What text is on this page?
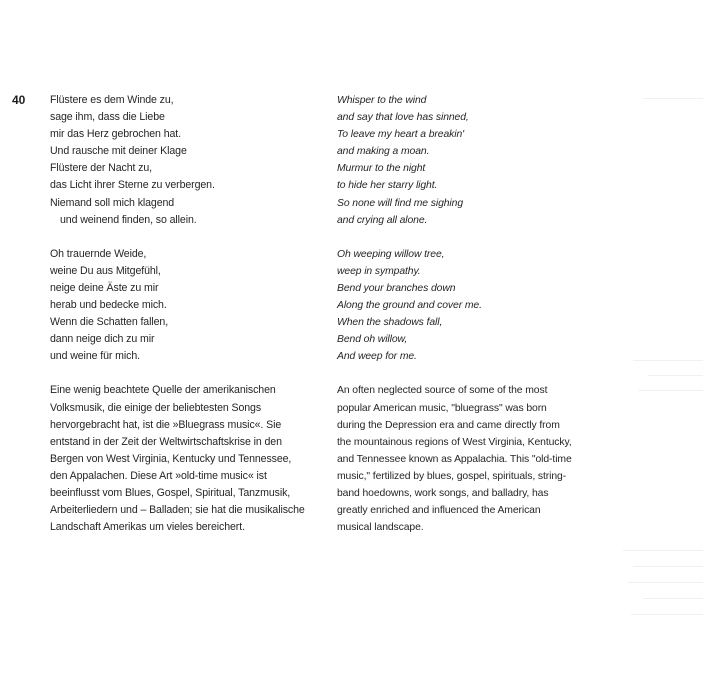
40 Flüstere es dem Winde zu,
sage ihm, dass die Liebe
mir das Herz gebrochen hat.
Und rausche mit deiner Klage
Flüstere der Nacht zu,
das Licht ihrer Sterne zu verbergen.
Niemand soll mich klagend
und weinend finden, so allein.
Oh trauernde Weide,
weine Du aus Mitgefühl,
neige deine Äste zu mir
herab und bedecke mich.
Wenn die Schatten fallen,
dann neige dich zu mir
und weine für mich.
Eine wenig beachtete Quelle der amerikanischen
Volksmusik, die einige der beliebtesten Songs
hervorgebracht hat, ist die »Bluegrass music«. Sie
entstand in der Zeit der Weltwirtschaftskrise in den
Bergen von West Virginia, Kentucky und Tennessee,
den Appalachen. Diese Art »old-time music« ist
beeinflusst vom Blues, Gospel, Spiritual, Tanzmusik,
Arbeiterliedern und – Balladen; sie hat die musikalische
Landschaft Amerikas um vieles bereichert.
Whisper to the wind
and say that love has sinned,
To leave my heart a breakin'
and making a moan.
Murmur to the night
to hide her starry light.
So none will find me sighing
and crying all alone.
Oh weeping willow tree,
weep in sympathy.
Bend your branches down
Along the ground and cover me.
When the shadows fall,
Bend oh willow,
And weep for me.
An often neglected source of some of the most
popular American music, "bluegrass" was born
during the Depression era and came directly from
the mountainous regions of West Virginia, Kentucky,
and Tennessee known as Appalachia. This "old-time
music," fertilized by blues, gospel, spirituals, string-
band hoedowns, work songs, and balladry, has
greatly enriched and influenced the American
musical landscape.
